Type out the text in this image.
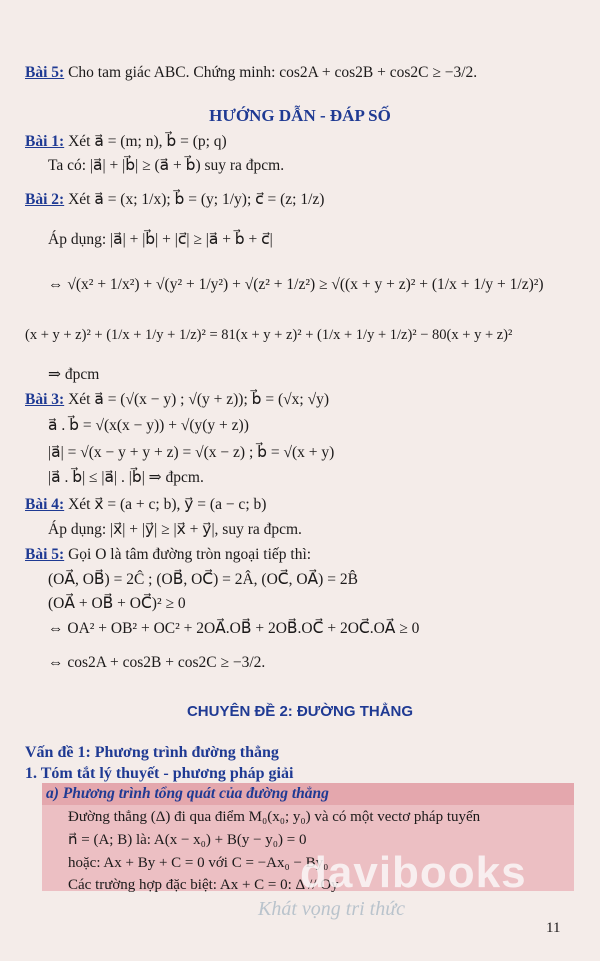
Bài 5: Cho tam giác ABC. Chứng minh: cos2A + cos2B + cos2C ≥ −3/2.
HƯỚNG DẪN - ĐÁP SỐ
Bài 1: Xét a⃗ = (m; n), b⃗ = (p; q)
Ta có: |a⃗| + |b⃗| ≥ (a⃗ + b⃗) suy ra đpcm.
Bài 2: Xét a⃗ = (x; 1/x); b⃗ = (y; 1/y); c⃗ = (z; 1/z)
Áp dụng: |a⃗| + |b⃗| + |c⃗| ≥ |a⃗ + b⃗ + c⃗|
⇔ √(x² + 1/x²) + √(y² + 1/y²) + √(z² + 1/z²) ≥ √((x + y + z)² + (1/x + 1/y + 1/z)²)
(x + y + z)² + (1/x + 1/y + 1/z)² = 81(x + y + z)² + (1/x + 1/y + 1/z)² − 80(x + y + z)²
⇒ đpcm
Bài 3: Xét a⃗ = (√(x − y) ; √(y + z)); b⃗ = (√x; √y)
a⃗ . b⃗ = √(x(x − y)) + √(y(y + z))
|a⃗| = √(x − y + y + z) = √(x − z) ; b⃗ = √(x + y)
|a⃗ . b⃗| ≤ |a⃗| . |b⃗| ⇒ đpcm.
Bài 4: Xét x⃗ = (a + c; b), y⃗ = (a − c; b)
Áp dụng: |x⃗| + |y⃗| ≥ |x⃗ + y⃗|, suy ra đpcm.
Bài 5: Gọi O là tâm đường tròn ngoại tiếp thì:
(OA⃗, OB⃗) = 2Ĉ ; (OB⃗, OC⃗) = 2Â, (OC⃗, OA⃗) = 2B̂
(OA⃗ + OB⃗ + OC⃗)² ≥ 0
⇔ OA² + OB² + OC² + 2OA⃗.OB⃗ + 2OB⃗.OC⃗ + 2OC⃗.OA⃗ ≥ 0
⇔ cos2A + cos2B + cos2C ≥ −3/2.
CHUYÊN ĐỀ 2: ĐƯỜNG THẲNG
Vấn đề 1: Phương trình đường thẳng
1. Tóm tắt lý thuyết - phương pháp giải
a) Phương trình tổng quát của đường thẳng
Đường thẳng (Δ) đi qua điểm M₀(x₀; y₀) và có một vectơ pháp tuyến
n⃗ = (A; B) là: A(x − x₀) + B(y − y₀) = 0
hoặc: Ax + By + C = 0 với C = −Ax₀ − By₀
Các trường hợp đặc biệt: Ax + C = 0: Δ // Oy
davibooks
Khát vọng tri thức
11
